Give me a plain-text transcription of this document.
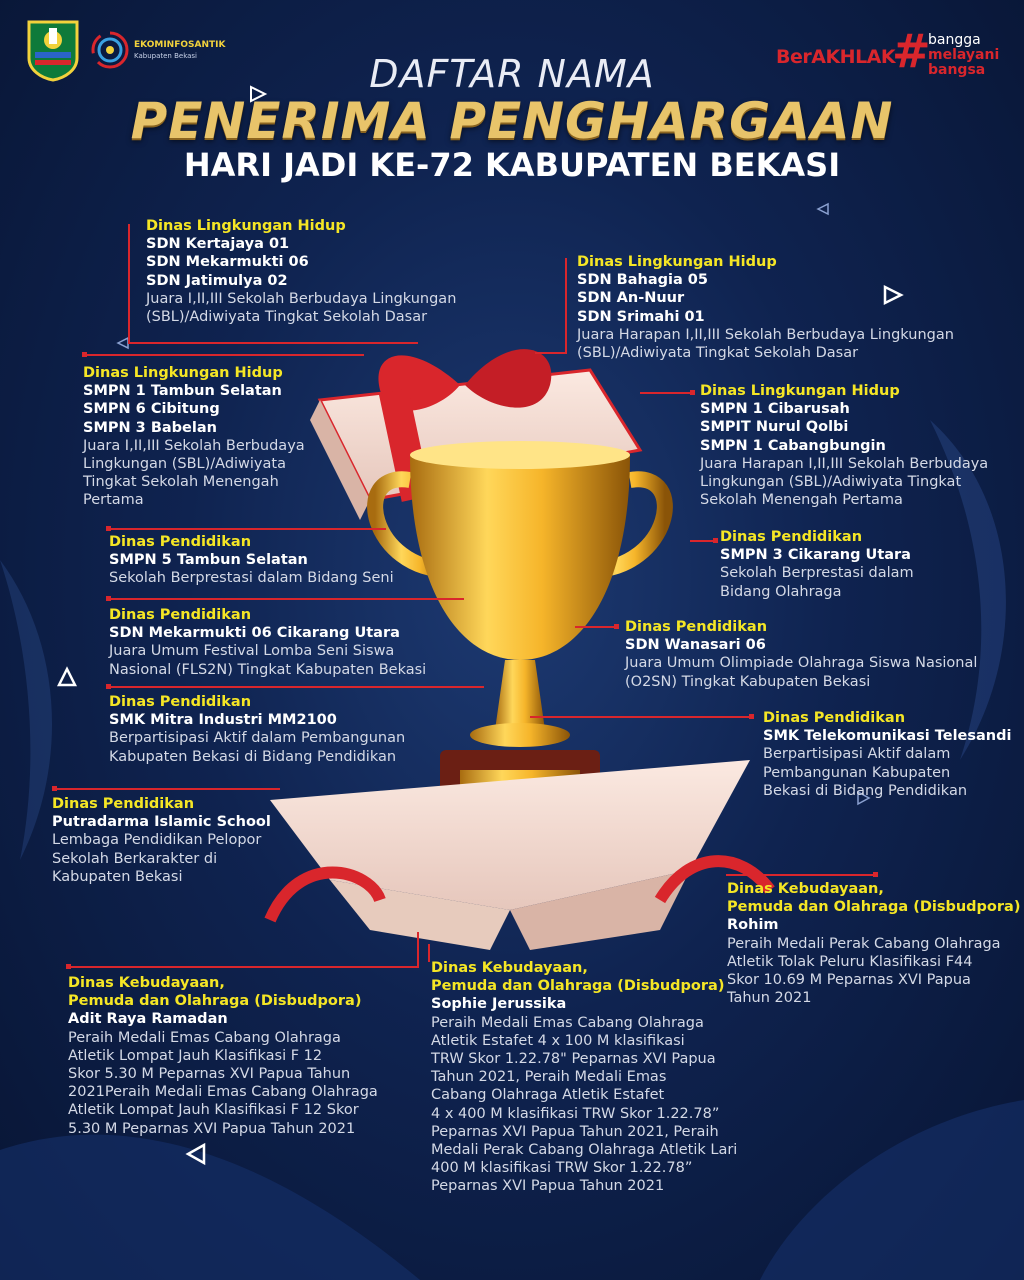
EKOMINFOSANTIK
Kabupaten Bekasi	BerAKHLAK
#
bangga
melayani
bangsa
DAFTAR NAMA
PENERIMA PENGHARGAAN
HARI JADI KE-72 KABUPATEN BEKASI
Dinas Lingkungan Hidup
SDN Kertajaya 01
SDN Mekarmukti 06
SDN Jatimulya 02
Juara I,II,III Sekolah Berbudaya Lingkungan
(SBL)/Adiwiyata Tingkat Sekolah Dasar
Dinas Lingkungan Hidup
SDN Bahagia 05
SDN An-Nuur
SDN Srimahi 01
Juara Harapan I,II,III Sekolah Berbudaya Lingkungan
(SBL)/Adiwiyata Tingkat Sekolah Dasar
Dinas Lingkungan Hidup
SMPN 1 Tambun Selatan
SMPN 6 Cibitung
SMPN 3 Babelan
Juara I,II,III Sekolah Berbudaya
Lingkungan (SBL)/Adiwiyata
Tingkat Sekolah Menengah
Pertama
Dinas Lingkungan Hidup
SMPN 1 Cibarusah
SMPIT Nurul Qolbi
SMPN 1 Cabangbungin
Juara Harapan I,II,III Sekolah Berbudaya
Lingkungan (SBL)/Adiwiyata Tingkat
Sekolah Menengah Pertama
Dinas Pendidikan
SMPN 5 Tambun Selatan
Sekolah Berprestasi dalam Bidang Seni
Dinas Pendidikan
SMPN 3 Cikarang Utara
Sekolah Berprestasi dalam
Bidang Olahraga
Dinas Pendidikan
SDN Mekarmukti 06 Cikarang Utara
Juara Umum Festival Lomba Seni Siswa
Nasional (FLS2N) Tingkat Kabupaten Bekasi
Dinas Pendidikan
SDN Wanasari 06
Juara Umum Olimpiade Olahraga Siswa Nasional
(O2SN) Tingkat Kabupaten Bekasi
Dinas Pendidikan
SMK Mitra Industri MM2100
Berpartisipasi Aktif dalam Pembangunan
Kabupaten Bekasi di Bidang Pendidikan
Dinas Pendidikan
SMK Telekomunikasi Telesandi
Berpartisipasi Aktif dalam
Pembangunan Kabupaten
Bekasi di Bidang Pendidikan
Dinas Pendidikan
Putradarma Islamic School
Lembaga Pendidikan Pelopor
Sekolah Berkarakter di
Kabupaten Bekasi
Dinas Kebudayaan,
Pemuda dan Olahraga (Disbudpora)
Rohim
Peraih Medali Perak Cabang Olahraga
Atletik Tolak Peluru Klasifikasi F44
Skor 10.69 M Peparnas XVI Papua
Tahun 2021
Dinas Kebudayaan,
Pemuda dan Olahraga (Disbudpora)
Adit Raya Ramadan
Peraih Medali Emas Cabang Olahraga
Atletik Lompat Jauh Klasifikasi F 12
Skor 5.30 M Peparnas XVI Papua Tahun
2021Peraih Medali Emas Cabang Olahraga
Atletik Lompat Jauh Klasifikasi F 12 Skor
5.30 M Peparnas XVI Papua Tahun 2021
Dinas Kebudayaan,
Pemuda dan Olahraga (Disbudpora)
Sophie Jerussika
Peraih Medali Emas Cabang Olahraga
Atletik Estafet 4 x 100 M klasifikasi
TRW Skor 1.22.78" Peparnas XVI Papua
Tahun 2021, Peraih Medali Emas
Cabang Olahraga Atletik Estafet
4 x 400 M klasifikasi TRW Skor 1.22.78”
Peparnas XVI Papua Tahun 2021, Peraih
Medali Perak Cabang Olahraga Atletik Lari
400 M klasifikasi TRW Skor 1.22.78”
Peparnas XVI Papua Tahun 2021
